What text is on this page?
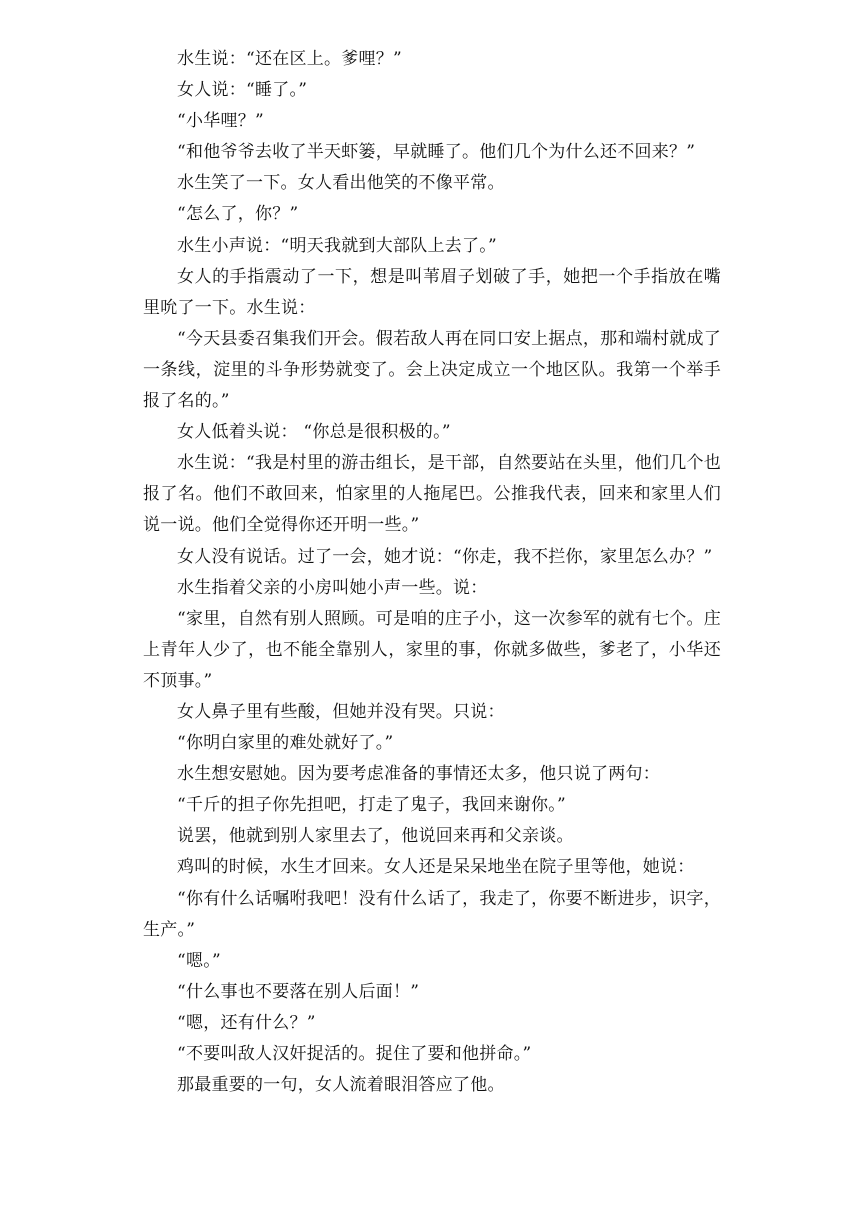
水生说：“还在区上。爹哩？”

女人说：“睡了。”

“小华哩？”

“和他爷爷去收了半天虾篓，早就睡了。他们几个为什么还不回来？”

水生笑了一下。女人看出他笑的不像平常。

“怎么了，你？”

水生小声说：“明天我就到大部队上去了。”

女人的手指震动了一下，想是叫苇眉子划破了手，她把一个手指放在嘴里吮了一下。水生说：

“今天县委召集我们开会。假若敌人再在同口安上据点，那和端村就成了一条线，淀里的斗争形势就变了。会上决定成立一个地区队。我第一个举手报了名的。”

女人低着头说： “你总是很积极的。”

水生说：“我是村里的游击组长，是干部，自然要站在头里，他们几个也报了名。他们不敢回来，怕家里的人拖尾巴。公推我代表，回来和家里人们说一说。他们全觉得你还开明一些。”

女人没有说话。过了一会，她才说：“你走，我不拦你，家里怎么办？”

水生指着父亲的小房叫她小声一些。说：

“家里，自然有别人照顾。可是咱的庄子小，这一次参军的就有七个。庄上青年人少了，也不能全靠别人，家里的事，你就多做些，爹老了，小华还不顶事。”

女人鼻子里有些酸，但她并没有哭。只说：

“你明白家里的难处就好了。”

水生想安慰她。因为要考虑准备的事情还太多，他只说了两句：

“千斤的担子你先担吧，打走了鬼子，我回来谢你。”

说罢，他就到别人家里去了，他说回来再和父亲谈。

鸡叫的时候，水生才回来。女人还是呆呆地坐在院子里等他，她说：

“你有什么话嘱咐我吧！没有什么话了，我走了，你要不断进步，识字，生产。”

“嗯。”

“什么事也不要落在别人后面！”

“嗯，还有什么？”

“不要叫敌人汉奸捉活的。捉住了要和他拼命。”

那最重要的一句，女人流着眼泪答应了他。
